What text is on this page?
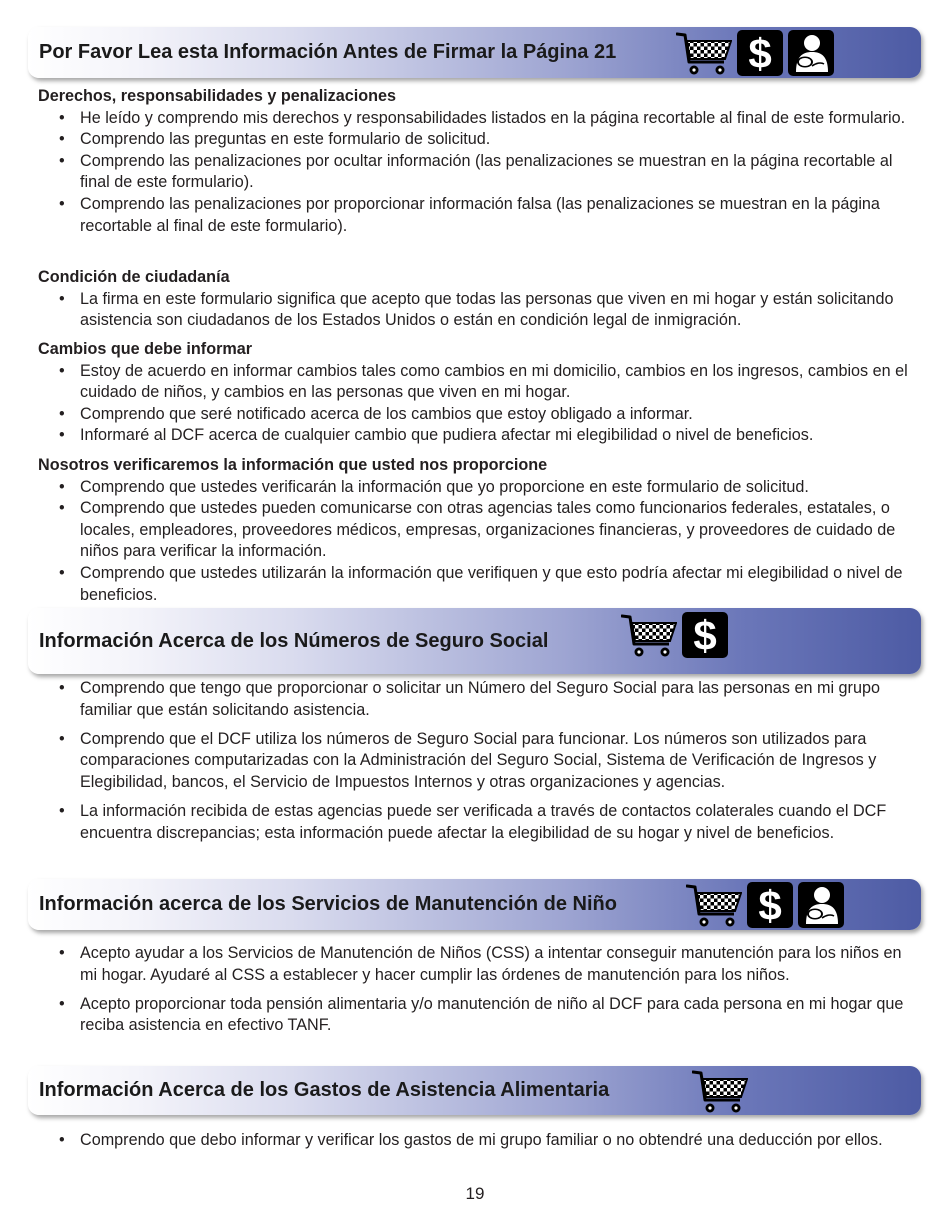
Por Favor Lea esta Información Antes de Firmar la Página 21
Derechos, responsabilidades y penalizaciones
• He leído y comprendo mis derechos y responsabilidades listados en la página recortable al final de este formulario.
• Comprendo las preguntas en este formulario de solicitud.
• Comprendo las penalizaciones por ocultar información (las penalizaciones se muestran en la página recortable al final de este formulario).
• Comprendo las penalizaciones por proporcionar información falsa (las penalizaciones se muestran en la página recortable al final de este formulario).
Condición de ciudadanía
• La firma en este formulario significa que acepto que todas las personas que viven en mi hogar y están solicitando asistencia son ciudadanos de los Estados Unidos o están en condición legal de inmigración.
Cambios que debe informar
• Estoy de acuerdo en informar cambios tales como cambios en mi domicilio, cambios en los ingresos, cambios en el cuidado de niños, y cambios en las personas que viven en mi hogar.
• Comprendo que seré notificado acerca de los cambios que estoy obligado a informar.
• Informaré al DCF acerca de cualquier cambio que pudiera afectar mi elegibilidad o nivel de beneficios.
Nosotros verificaremos la información que usted nos proporcione
• Comprendo que ustedes verificarán la información que yo proporcione en este formulario de solicitud.
• Comprendo que ustedes pueden comunicarse con otras agencias tales como funcionarios federales, estatales, o locales, empleadores, proveedores médicos, empresas, organizaciones financieras, y proveedores de cuidado de niños para verificar la información.
• Comprendo que ustedes utilizarán la información que verifiquen y que esto podría afectar mi elegibilidad o nivel de beneficios.
Información Acerca de los Números de Seguro Social
• Comprendo que tengo que proporcionar o solicitar un Número del Seguro Social para las personas en mi grupo familiar que están solicitando asistencia.
• Comprendo que el DCF utiliza los números de Seguro Social para funcionar. Los números son utilizados para comparaciones computarizadas con la Administración del Seguro Social, Sistema de Verificación de Ingresos y Elegibilidad, bancos, el Servicio de Impuestos Internos y otras organizaciones y agencias.
• La información recibida de estas agencias puede ser verificada a través de contactos colaterales cuando el DCF encuentra discrepancias; esta información puede afectar la elegibilidad de su hogar y nivel de beneficios.
Información acerca de los Servicios de Manutención de Niño
• Acepto ayudar a los Servicios de Manutención de Niños (CSS) a intentar conseguir manutención para los niños en mi hogar. Ayudaré al CSS a establecer y hacer cumplir las órdenes de manutención para los niños.
• Acepto proporcionar toda pensión alimentaria y/o manutención de niño al DCF para cada persona en mi hogar que reciba asistencia en efectivo TANF.
Información Acerca de los Gastos de Asistencia Alimentaria
• Comprendo que debo informar y verificar los gastos de mi grupo familiar o no obtendré una deducción por ellos.
19
